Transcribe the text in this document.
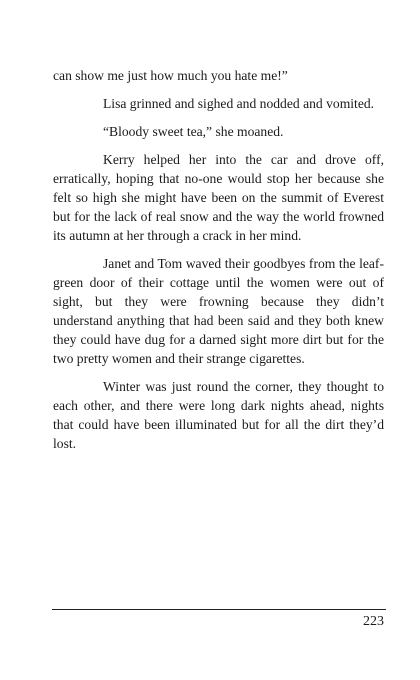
can show me just how much you hate me!”

Lisa grinned and sighed and nodded and vomited.

“Bloody sweet tea,” she moaned.

Kerry helped her into the car and drove off, erratically, hoping that no-one would stop her because she felt so high she might have been on the summit of Everest but for the lack of real snow and the way the world frowned its autumn at her through a crack in her mind.

Janet and Tom waved their goodbyes from the leaf-green door of their cottage until the women were out of sight, but they were frowning because they didn’t understand anything that had been said and they both knew they could have dug for a darned sight more dirt but for the two pretty women and their strange cigarettes.

Winter was just round the corner, they thought to each other, and there were long dark nights ahead, nights that could have been illuminated but for all the dirt they’d lost.

223
